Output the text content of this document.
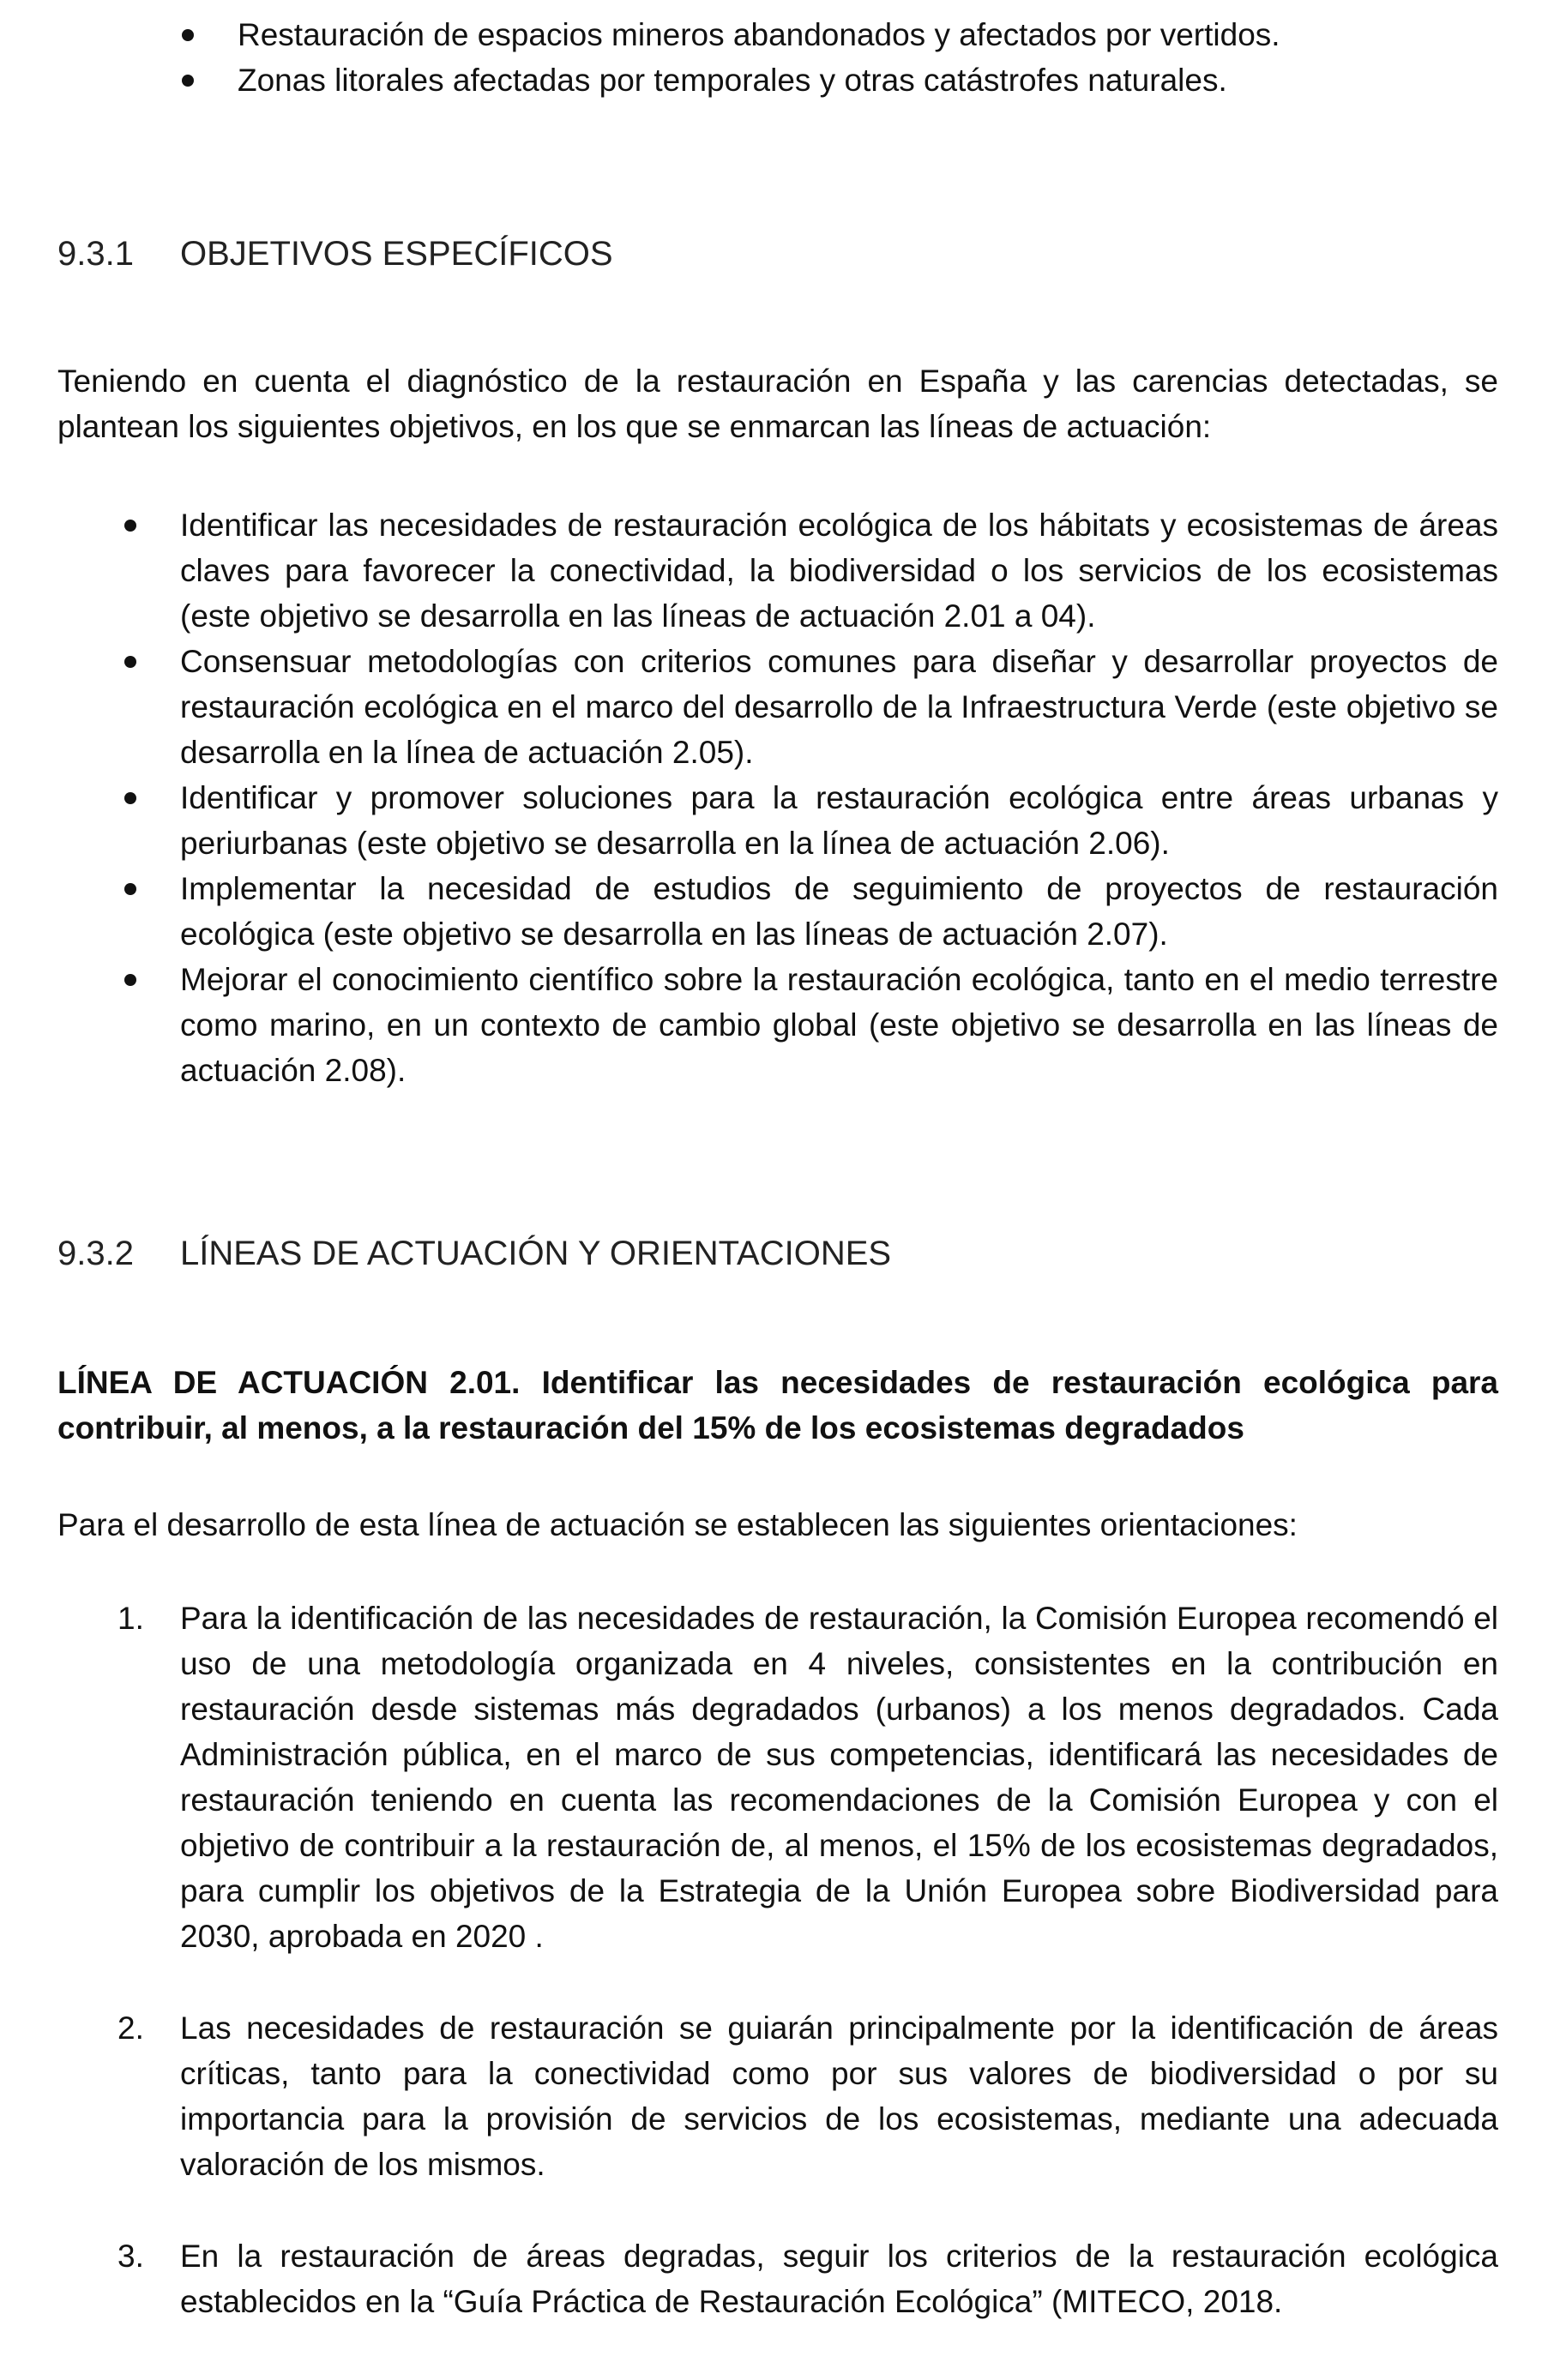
Restauración de espacios mineros abandonados y afectados por vertidos.
Zonas litorales afectadas por temporales y otras catástrofes naturales.
9.3.1 OBJETIVOS ESPECÍFICOS
Teniendo en cuenta el diagnóstico de la restauración en España y las carencias detectadas, se plantean los siguientes objetivos, en los que se enmarcan las líneas de actuación:
Identificar las necesidades de restauración ecológica de los hábitats y ecosistemas de áreas claves para favorecer la conectividad, la biodiversidad o los servicios de los ecosistemas (este objetivo se desarrolla en las líneas de actuación 2.01 a 04).
Consensuar metodologías con criterios comunes para diseñar y desarrollar proyectos de restauración ecológica en el marco del desarrollo de la Infraestructura Verde (este objetivo se desarrolla en la línea de actuación 2.05).
Identificar y promover soluciones para la restauración ecológica entre áreas urbanas y periurbanas (este objetivo se desarrolla en la línea de actuación 2.06).
Implementar la necesidad de estudios de seguimiento de proyectos de restauración ecológica (este objetivo se desarrolla en las líneas de actuación 2.07).
Mejorar el conocimiento científico sobre la restauración ecológica, tanto en el medio terrestre como marino, en un contexto de cambio global (este objetivo se desarrolla en las líneas de actuación 2.08).
9.3.2 LÍNEAS DE ACTUACIÓN Y ORIENTACIONES
LÍNEA DE ACTUACIÓN 2.01. Identificar las necesidades de restauración ecológica para contribuir, al menos, a la restauración del 15% de los ecosistemas degradados
Para el desarrollo de esta línea de actuación se establecen las siguientes orientaciones:
1. Para la identificación de las necesidades de restauración, la Comisión Europea recomendó el uso de una metodología organizada en 4 niveles, consistentes en la contribución en restauración desde sistemas más degradados (urbanos) a los menos degradados. Cada Administración pública, en el marco de sus competencias, identificará las necesidades de restauración teniendo en cuenta las recomendaciones de la Comisión Europea y con el objetivo de contribuir a la restauración de, al menos, el 15% de los ecosistemas degradados, para cumplir los objetivos de la Estrategia de la Unión Europea sobre Biodiversidad para 2030, aprobada en 2020 .
2. Las necesidades de restauración se guiarán principalmente por la identificación de áreas críticas, tanto para la conectividad como por sus valores de biodiversidad o por su importancia para la provisión de servicios de los ecosistemas, mediante una adecuada valoración de los mismos.
3. En la restauración de áreas degradas, seguir los criterios de la restauración ecológica establecidos en la “Guía Práctica de Restauración Ecológica” (MITECO, 2018.
